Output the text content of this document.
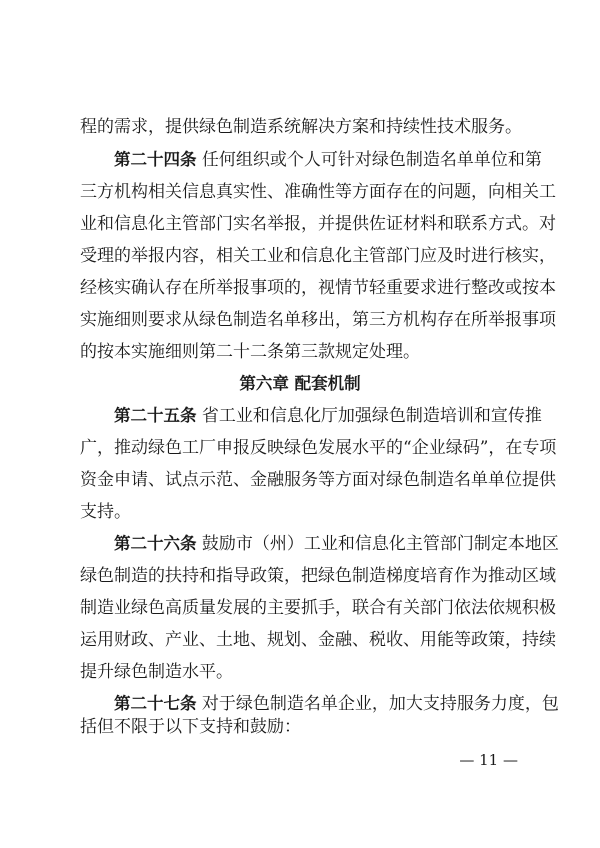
程的需求，提供绿色制造系统解决方案和持续性技术服务。
第二十四条 任何组织或个人可针对绿色制造名单单位和第
三方机构相关信息真实性、准确性等方面存在的问题，向相关工
业和信息化主管部门实名举报，并提供佐证材料和联系方式。对
受理的举报内容，相关工业和信息化主管部门应及时进行核实，
经核实确认存在所举报事项的，视情节轻重要求进行整改或按本
实施细则要求从绿色制造名单移出，第三方机构存在所举报事项
的按本实施细则第二十二条第三款规定处理。
第六章 配套机制
第二十五条 省工业和信息化厅加强绿色制造培训和宣传推
广，推动绿色工厂申报反映绿色发展水平的“企业绿码”，在专项
资金申请、试点示范、金融服务等方面对绿色制造名单单位提供
支持。
第二十六条 鼓励市（州）工业和信息化主管部门制定本地区
绿色制造的扶持和指导政策，把绿色制造梯度培育作为推动区域
制造业绿色高质量发展的主要抓手，联合有关部门依法依规积极
运用财政、产业、土地、规划、金融、税收、用能等政策，持续
提升绿色制造水平。
第二十七条 对于绿色制造名单企业，加大支持服务力度，包
括但不限于以下支持和鼓励：
— 11 —
